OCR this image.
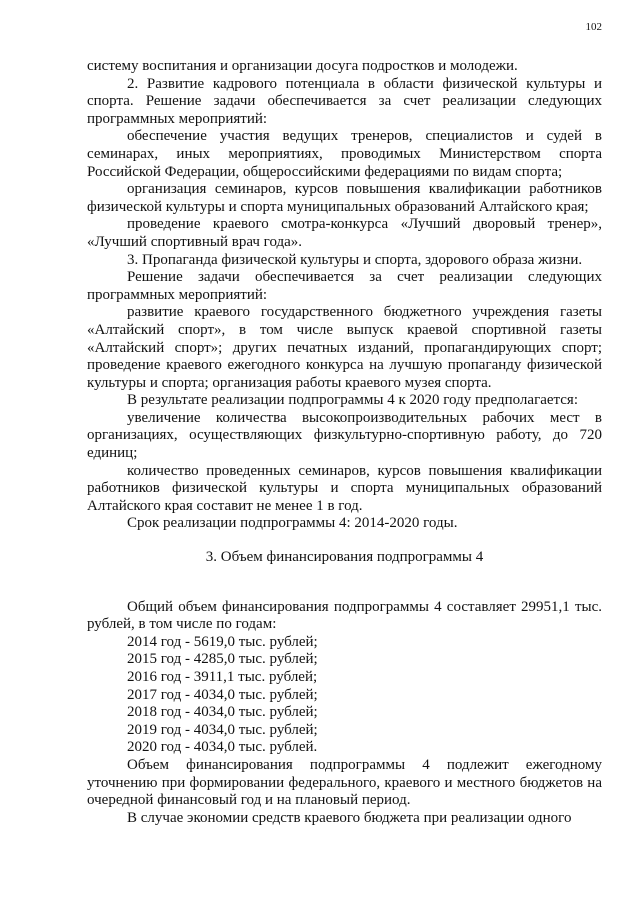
102

систему воспитания и организации досуга подростков и молодежи.

2. Развитие кадрового потенциала в области физической культуры и спорта. Решение задачи обеспечивается за счет реализации следующих программных мероприятий:

обеспечение участия ведущих тренеров, специалистов и судей в семинарах, иных мероприятиях, проводимых Министерством спорта Российской Федерации, общероссийскими федерациями по видам спорта;

организация семинаров, курсов повышения квалификации работников физической культуры и спорта муниципальных образований Алтайского края;

проведение краевого смотра-конкурса «Лучший дворовый тренер», «Лучший спортивный врач года».

3. Пропаганда физической культуры и спорта, здорового образа жизни.

Решение задачи обеспечивается за счет реализации следующих программных мероприятий:

развитие краевого государственного бюджетного учреждения газеты «Алтайский спорт», в том числе выпуск краевой спортивной газеты «Алтайский спорт»; других печатных изданий, пропагандирующих спорт; проведение краевого ежегодного конкурса на лучшую пропаганду физической культуры и спорта; организация работы краевого музея спорта.

В результате реализации подпрограммы 4 к 2020 году предполагается:

увеличение количества высокопроизводительных рабочих мест в организациях, осуществляющих физкультурно-спортивную работу, до 720 единиц;

количество проведенных семинаров, курсов повышения квалификации работников физической культуры и спорта муниципальных образований Алтайского края составит не менее 1 в год.

Срок реализации подпрограммы 4: 2014-2020 годы.

3. Объем финансирования подпрограммы 4

Общий объем финансирования подпрограммы 4 составляет 29951,1 тыс. рублей, в том числе по годам:

2014 год - 5619,0 тыс. рублей;

2015 год - 4285,0 тыс. рублей;

2016 год - 3911,1 тыс. рублей;

2017 год - 4034,0 тыс. рублей;

2018 год - 4034,0 тыс. рублей;

2019 год - 4034,0 тыс. рублей;

2020 год - 4034,0 тыс. рублей.

Объем финансирования подпрограммы 4 подлежит ежегодному уточнению при формировании федерального, краевого и местного бюджетов на очередной финансовый год и на плановый период.

В случае экономии средств краевого бюджета при реализации одного
